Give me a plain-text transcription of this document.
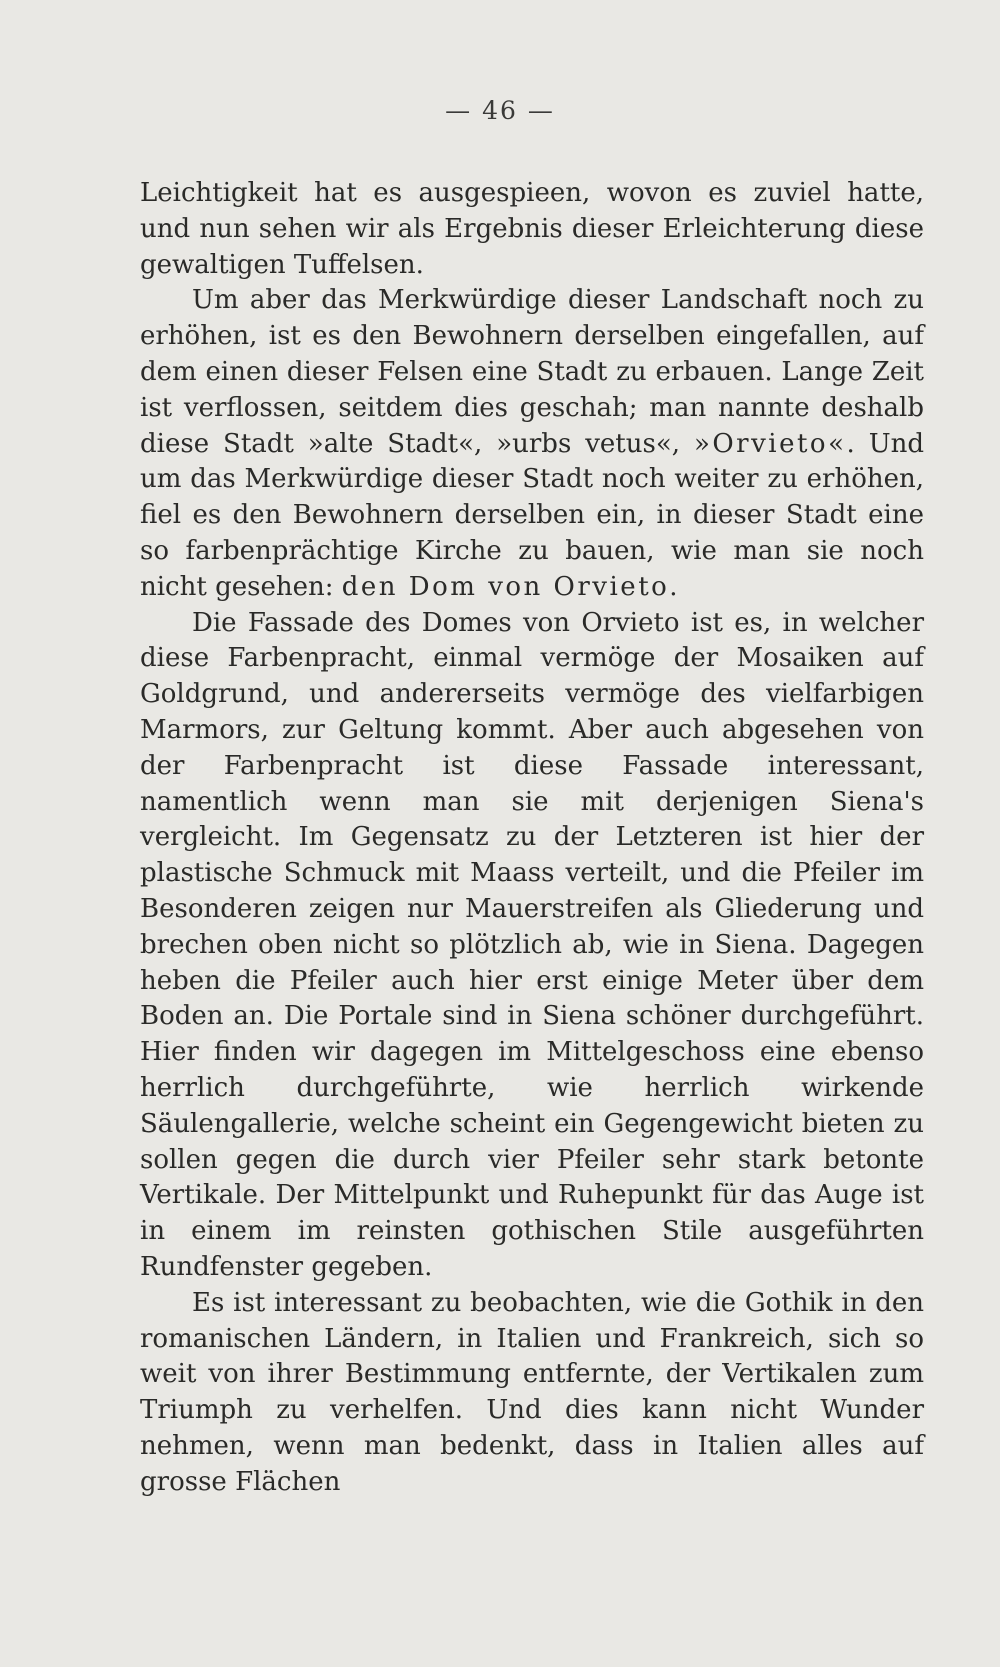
— 46 —

Leichtigkeit hat es ausgespieen, wovon es zuviel hatte, und nun sehen wir als Ergebnis dieser Erleichterung diese gewaltigen Tuffelsen.

Um aber das Merkwürdige dieser Landschaft noch zu erhöhen, ist es den Bewohnern derselben eingefallen, auf dem einen dieser Felsen eine Stadt zu erbauen. Lange Zeit ist verflossen, seitdem dies geschah; man nannte deshalb diese Stadt »alte Stadt«, »urbs vetus«, »Orvieto«. Und um das Merkwürdige dieser Stadt noch weiter zu erhöhen, fiel es den Bewohnern derselben ein, in dieser Stadt eine so farbenprächtige Kirche zu bauen, wie man sie noch nicht gesehen: den Dom von Orvieto.

Die Fassade des Domes von Orvieto ist es, in welcher diese Farbenpracht, einmal vermöge der Mosaiken auf Goldgrund, und andererseits vermöge des vielfarbigen Marmors, zur Geltung kommt. Aber auch abgesehen von der Farbenpracht ist diese Fassade interessant, namentlich wenn man sie mit derjenigen Siena's vergleicht. Im Gegensatz zu der Letzteren ist hier der plastische Schmuck mit Maass verteilt, und die Pfeiler im Besonderen zeigen nur Mauerstreifen als Gliederung und brechen oben nicht so plötzlich ab, wie in Siena. Dagegen heben die Pfeiler auch hier erst einige Meter über dem Boden an. Die Portale sind in Siena schöner durchgeführt. Hier finden wir dagegen im Mittelgeschoss eine ebenso herrlich durchgeführte, wie herrlich wirkende Säulengallerie, welche scheint ein Gegengewicht bieten zu sollen gegen die durch vier Pfeiler sehr stark betonte Vertikale. Der Mittelpunkt und Ruhepunkt für das Auge ist in einem im reinsten gothischen Stile ausgeführten Rundfenster gegeben.

Es ist interessant zu beobachten, wie die Gothik in den romanischen Ländern, in Italien und Frankreich, sich so weit von ihrer Bestimmung entfernte, der Vertikalen zum Triumph zu verhelfen. Und dies kann nicht Wunder nehmen, wenn man bedenkt, dass in Italien alles auf grosse Flächen
